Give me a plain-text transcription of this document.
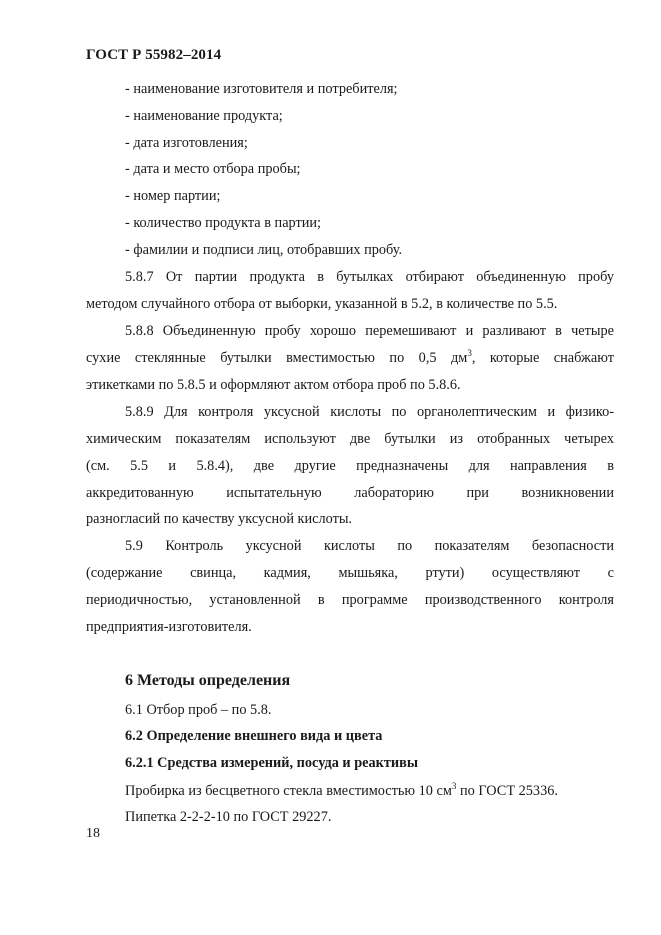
ГОСТ Р 55982–2014
- наименование изготовителя и потребителя;
- наименование продукта;
- дата изготовления;
- дата и место отбора пробы;
- номер партии;
- количество продукта в партии;
- фамилии и подписи лиц, отобравших пробу.
5.8.7 От партии продукта в бутылках отбирают объединенную пробу
методом случайного отбора от выборки, указанной в 5.2, в количестве по 5.5.
5.8.8 Объединенную пробу хорошо перемешивают и разливают в четыре
сухие стеклянные бутылки вместимостью по 0,5 $дм^3$, которые снабжают
этикетками по 5.8.5 и оформляют актом отбора проб по 5.8.6.
5.8.9 Для контроля уксусной кислоты по органолептическим и физико-
химическим показателям используют две бутылки из отобранных четырех
(см. 5.5 и 5.8.4), две другие предназначены для направления в
аккредитованную испытательную лабораторию при возникновении
разногласий по качеству уксусной кислоты.
5.9 Контроль уксусной кислоты по показателям безопасности
(содержание свинца, кадмия, мышьяка, ртути) осуществляют с
периодичностью, установленной в программе производственного контроля
предприятия-изготовителя.
6 Методы определения
6.1 Отбор проб – по 5.8.
6.2 Определение внешнего вида и цвета
6.2.1 Средства измерений, посуда и реактивы
Пробирка из бесцветного стекла вместимостью 10 $см^3$ по ГОСТ 25336.
Пипетка 2-2-2-10 по ГОСТ 29227.
18
